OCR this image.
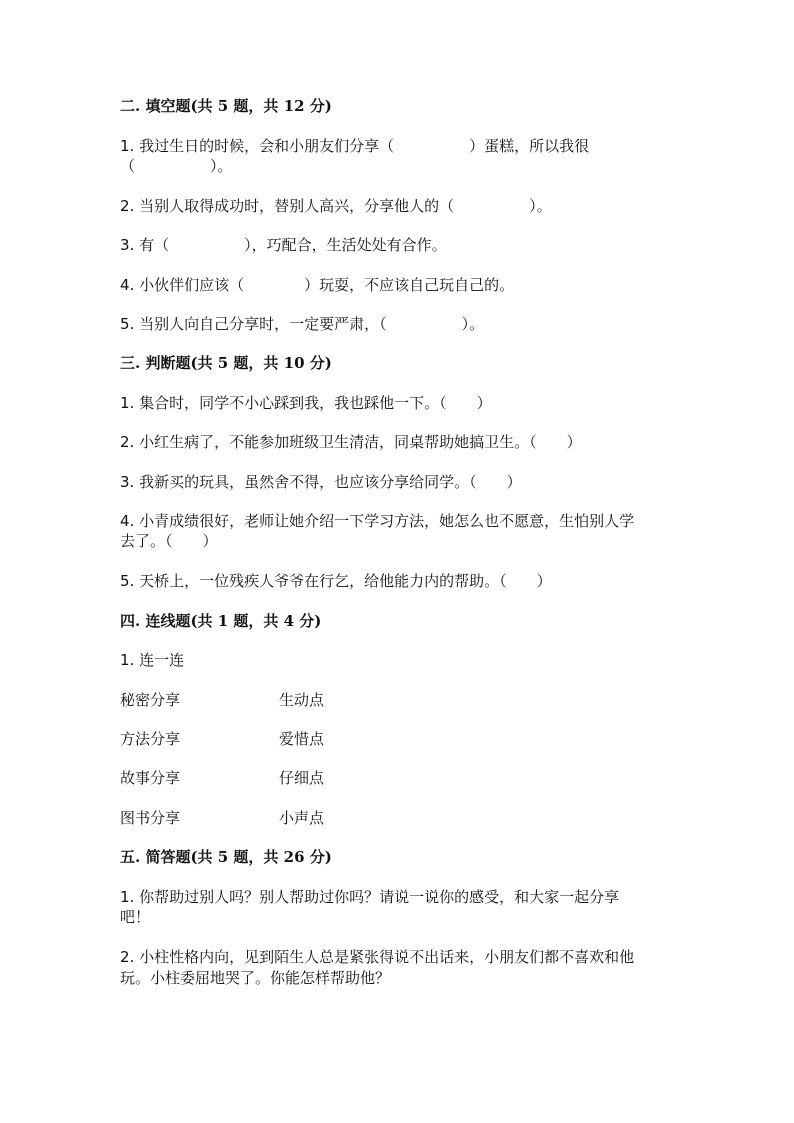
二. 填空题(共 5 题，共 12 分)
1. 我过生日的时候，会和小朋友们分享（　　　　　）蛋糕，所以我很
（　　　　　）。
2. 当别人取得成功时，替别人高兴，分享他人的（　　　　　）。
3. 有（　　　　　），巧配合，生活处处有合作。
4. 小伙伴们应该（　　　　）玩耍，不应该自己玩自己的。
5. 当别人向自己分享时，一定要严肃，（　　　　　）。
三. 判断题(共 5 题，共 10 分)
1. 集合时，同学不小心踩到我，我也踩他一下。（　　）
2. 小红生病了，不能参加班级卫生清洁，同桌帮助她搞卫生。（　　）
3. 我新买的玩具，虽然舍不得，也应该分享给同学。（　　）
4. 小青成绩很好，老师让她介绍一下学习方法，她怎么也不愿意，生怕别人学
去了。（　　）
5. 天桥上，一位残疾人爷爷在行乞，给他能力内的帮助。（　　）
四. 连线题(共 1 题，共 4 分)
1. 连一连
秘密分享	生动点
方法分享	爱惜点
故事分享	仔细点
图书分享	小声点
五. 简答题(共 5 题，共 26 分)
1. 你帮助过别人吗？别人帮助过你吗？请说一说你的感受，和大家一起分享
吧！
2. 小柱性格内向，见到陌生人总是紧张得说不出话来，小朋友们都不喜欢和他
玩。小柱委屈地哭了。你能怎样帮助他？
